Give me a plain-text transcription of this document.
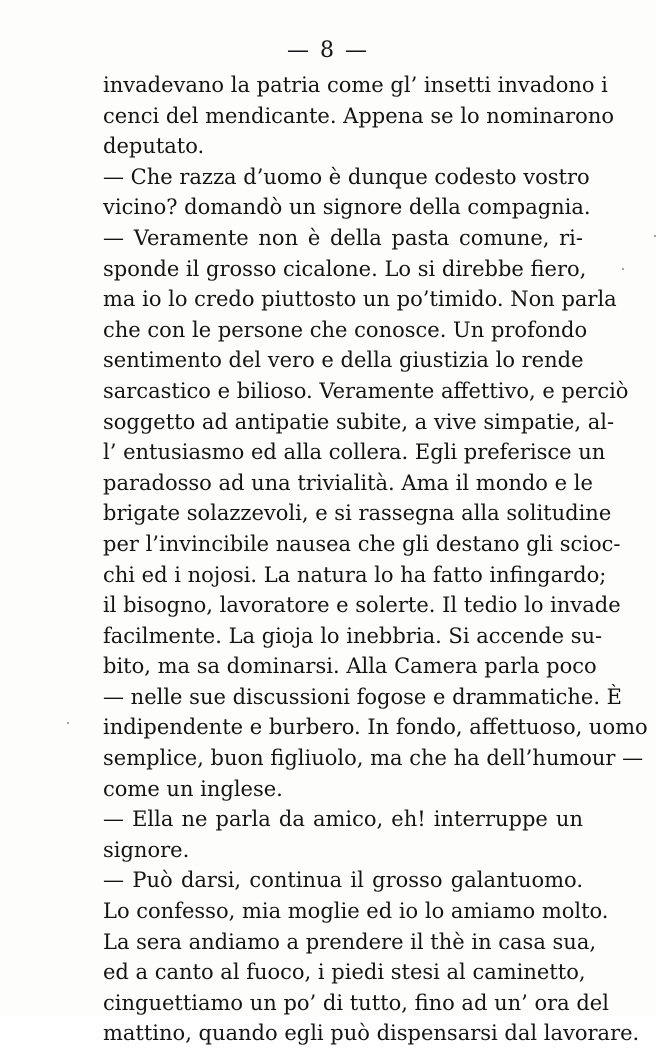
— 8 —
invadevano la patria come gl’ insetti invadono i
cenci del mendicante. Appena se lo nominarono
deputato.
— Che razza d’uomo è dunque codesto vostro
vicino? domandò un signore della compagnia.
— Veramente non è della pasta comune, ri-
sponde il grosso cicalone. Lo si direbbe fiero,
ma io lo credo piuttosto un po’timido. Non parla
che con le persone che conosce. Un profondo
sentimento del vero e della giustizia lo rende
sarcastico e bilioso. Veramente affettivo, e perciò
soggetto ad antipatie subite, a vive simpatie, al-
l’ entusiasmo ed alla collera. Egli preferisce un
paradosso ad una trivialità. Ama il mondo e le
brigate solazzevoli, e si rassegna alla solitudine
per l’invincibile nausea che gli destano gli scioc-
chi ed i nojosi. La natura lo ha fatto infingardo;
il bisogno, lavoratore e solerte. Il tedio lo invade
facilmente. La gioja lo inebbria. Si accende su-
bito, ma sa dominarsi. Alla Camera parla poco
— nelle sue discussioni fogose e drammatiche. È
indipendente e burbero. In fondo, affettuoso, uomo
semplice, buon figliuolo, ma che ha dell’humour —
come un inglese.
— Ella ne parla da amico, eh! interruppe un
signore.
— Può darsi, continua il grosso galantuomo.
Lo confesso, mia moglie ed io lo amiamo molto.
La sera andiamo a prendere il thè in casa sua,
ed a canto al fuoco, i piedi stesi al caminetto,
cinguettiamo un po’ di tutto, fino ad un’ ora del
mattino, quando egli può dispensarsi dal lavorare.
